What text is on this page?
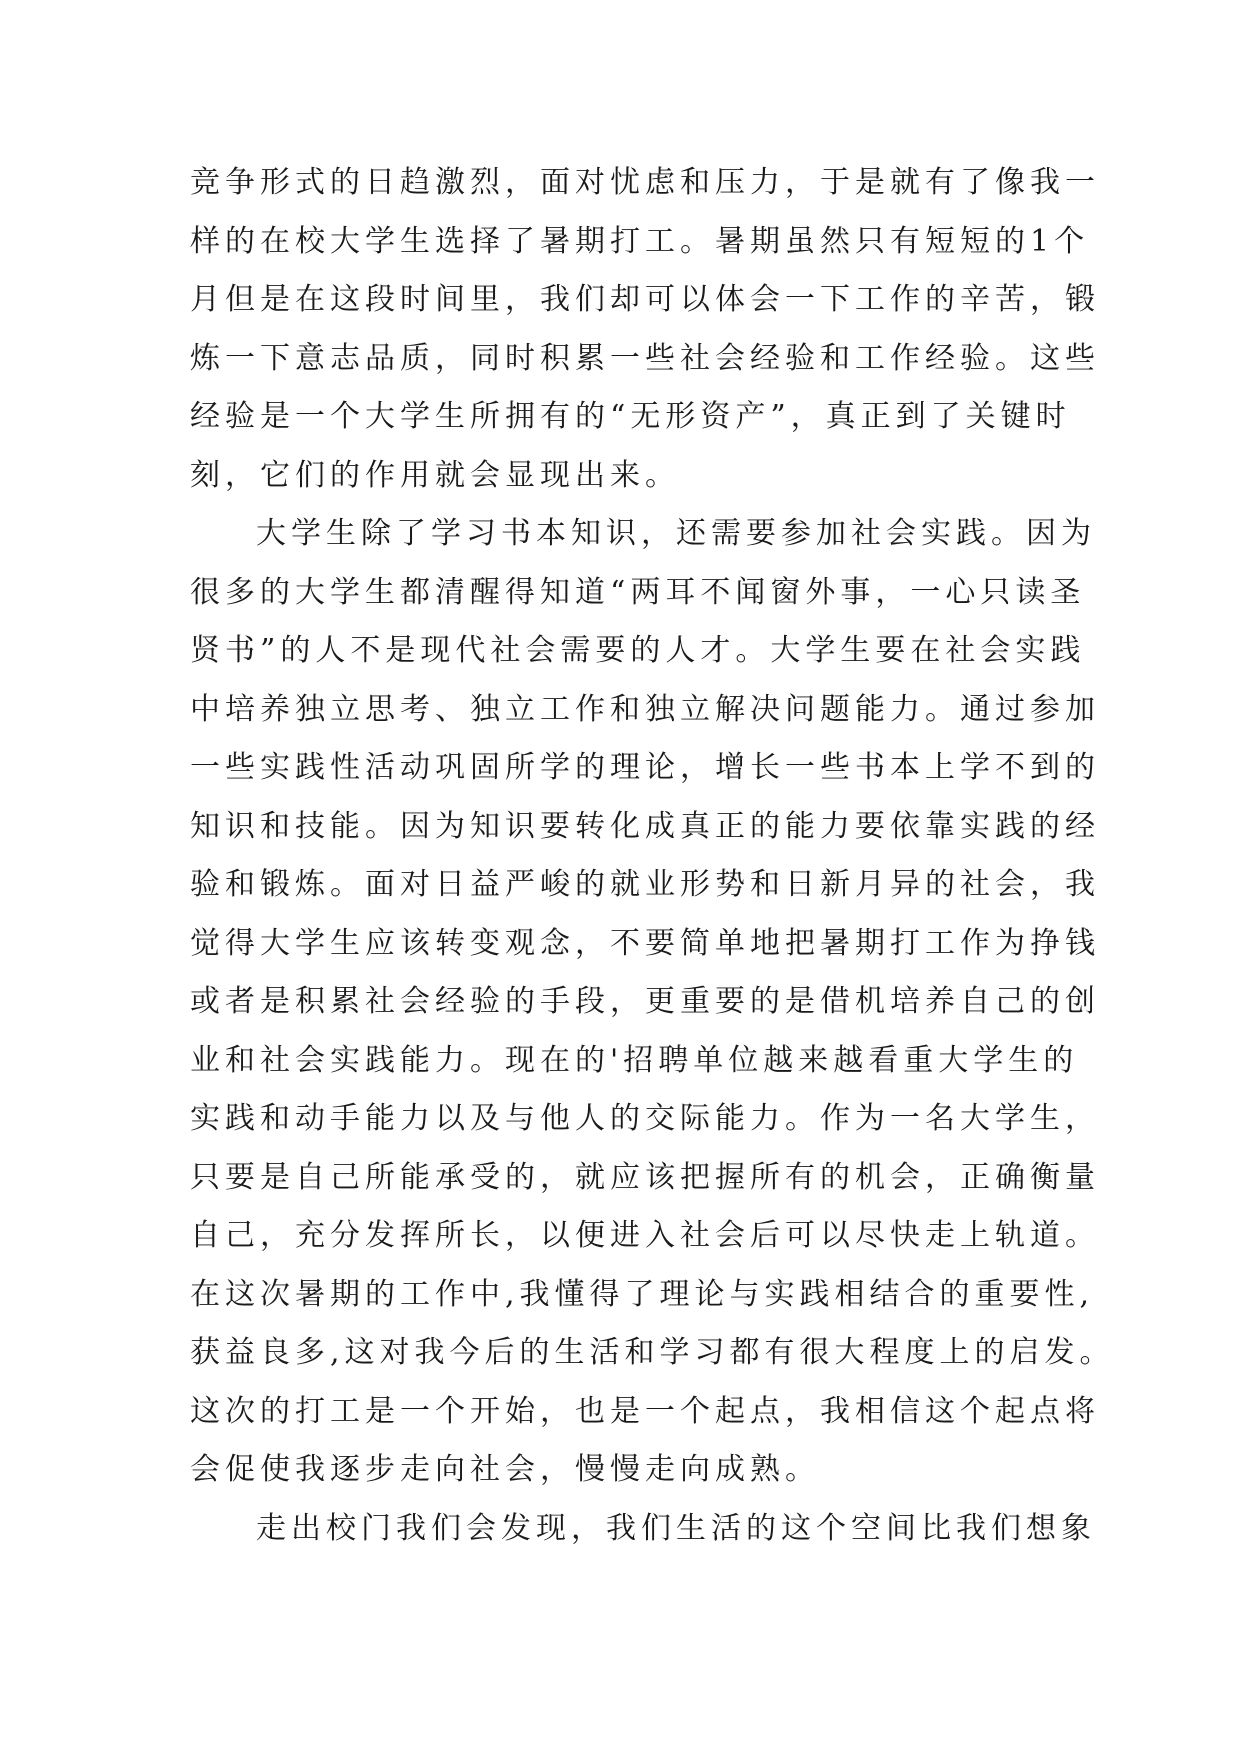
竞争形式的日趋激烈，面对忧虑和压力，于是就有了像我一
样的在校大学生选择了暑期打工。暑期虽然只有短短的1个
月但是在这段时间里，我们却可以体会一下工作的辛苦，锻
炼一下意志品质，同时积累一些社会经验和工作经验。这些
经验是一个大学生所拥有的“无形资产”，真正到了关键时
刻，它们的作用就会显现出来。
大学生除了学习书本知识，还需要参加社会实践。因为
很多的大学生都清醒得知道“两耳不闻窗外事，一心只读圣
贤书”的人不是现代社会需要的人才。大学生要在社会实践
中培养独立思考、独立工作和独立解决问题能力。通过参加
一些实践性活动巩固所学的理论，增长一些书本上学不到的
知识和技能。因为知识要转化成真正的能力要依靠实践的经
验和锻炼。面对日益严峻的就业形势和日新月异的社会，我
觉得大学生应该转变观念，不要简单地把暑期打工作为挣钱
或者是积累社会经验的手段，更重要的是借机培养自己的创
业和社会实践能力。现在的'招聘单位越来越看重大学生的
实践和动手能力以及与他人的交际能力。作为一名大学生，
只要是自己所能承受的，就应该把握所有的机会，正确衡量
自己，充分发挥所长，以便进入社会后可以尽快走上轨道。
在这次暑期的工作中,我懂得了理论与实践相结合的重要性,
获益良多,这对我今后的生活和学习都有很大程度上的启发。
这次的打工是一个开始，也是一个起点，我相信这个起点将
会促使我逐步走向社会，慢慢走向成熟。
走出校门我们会发现，我们生活的这个空间比我们想象
